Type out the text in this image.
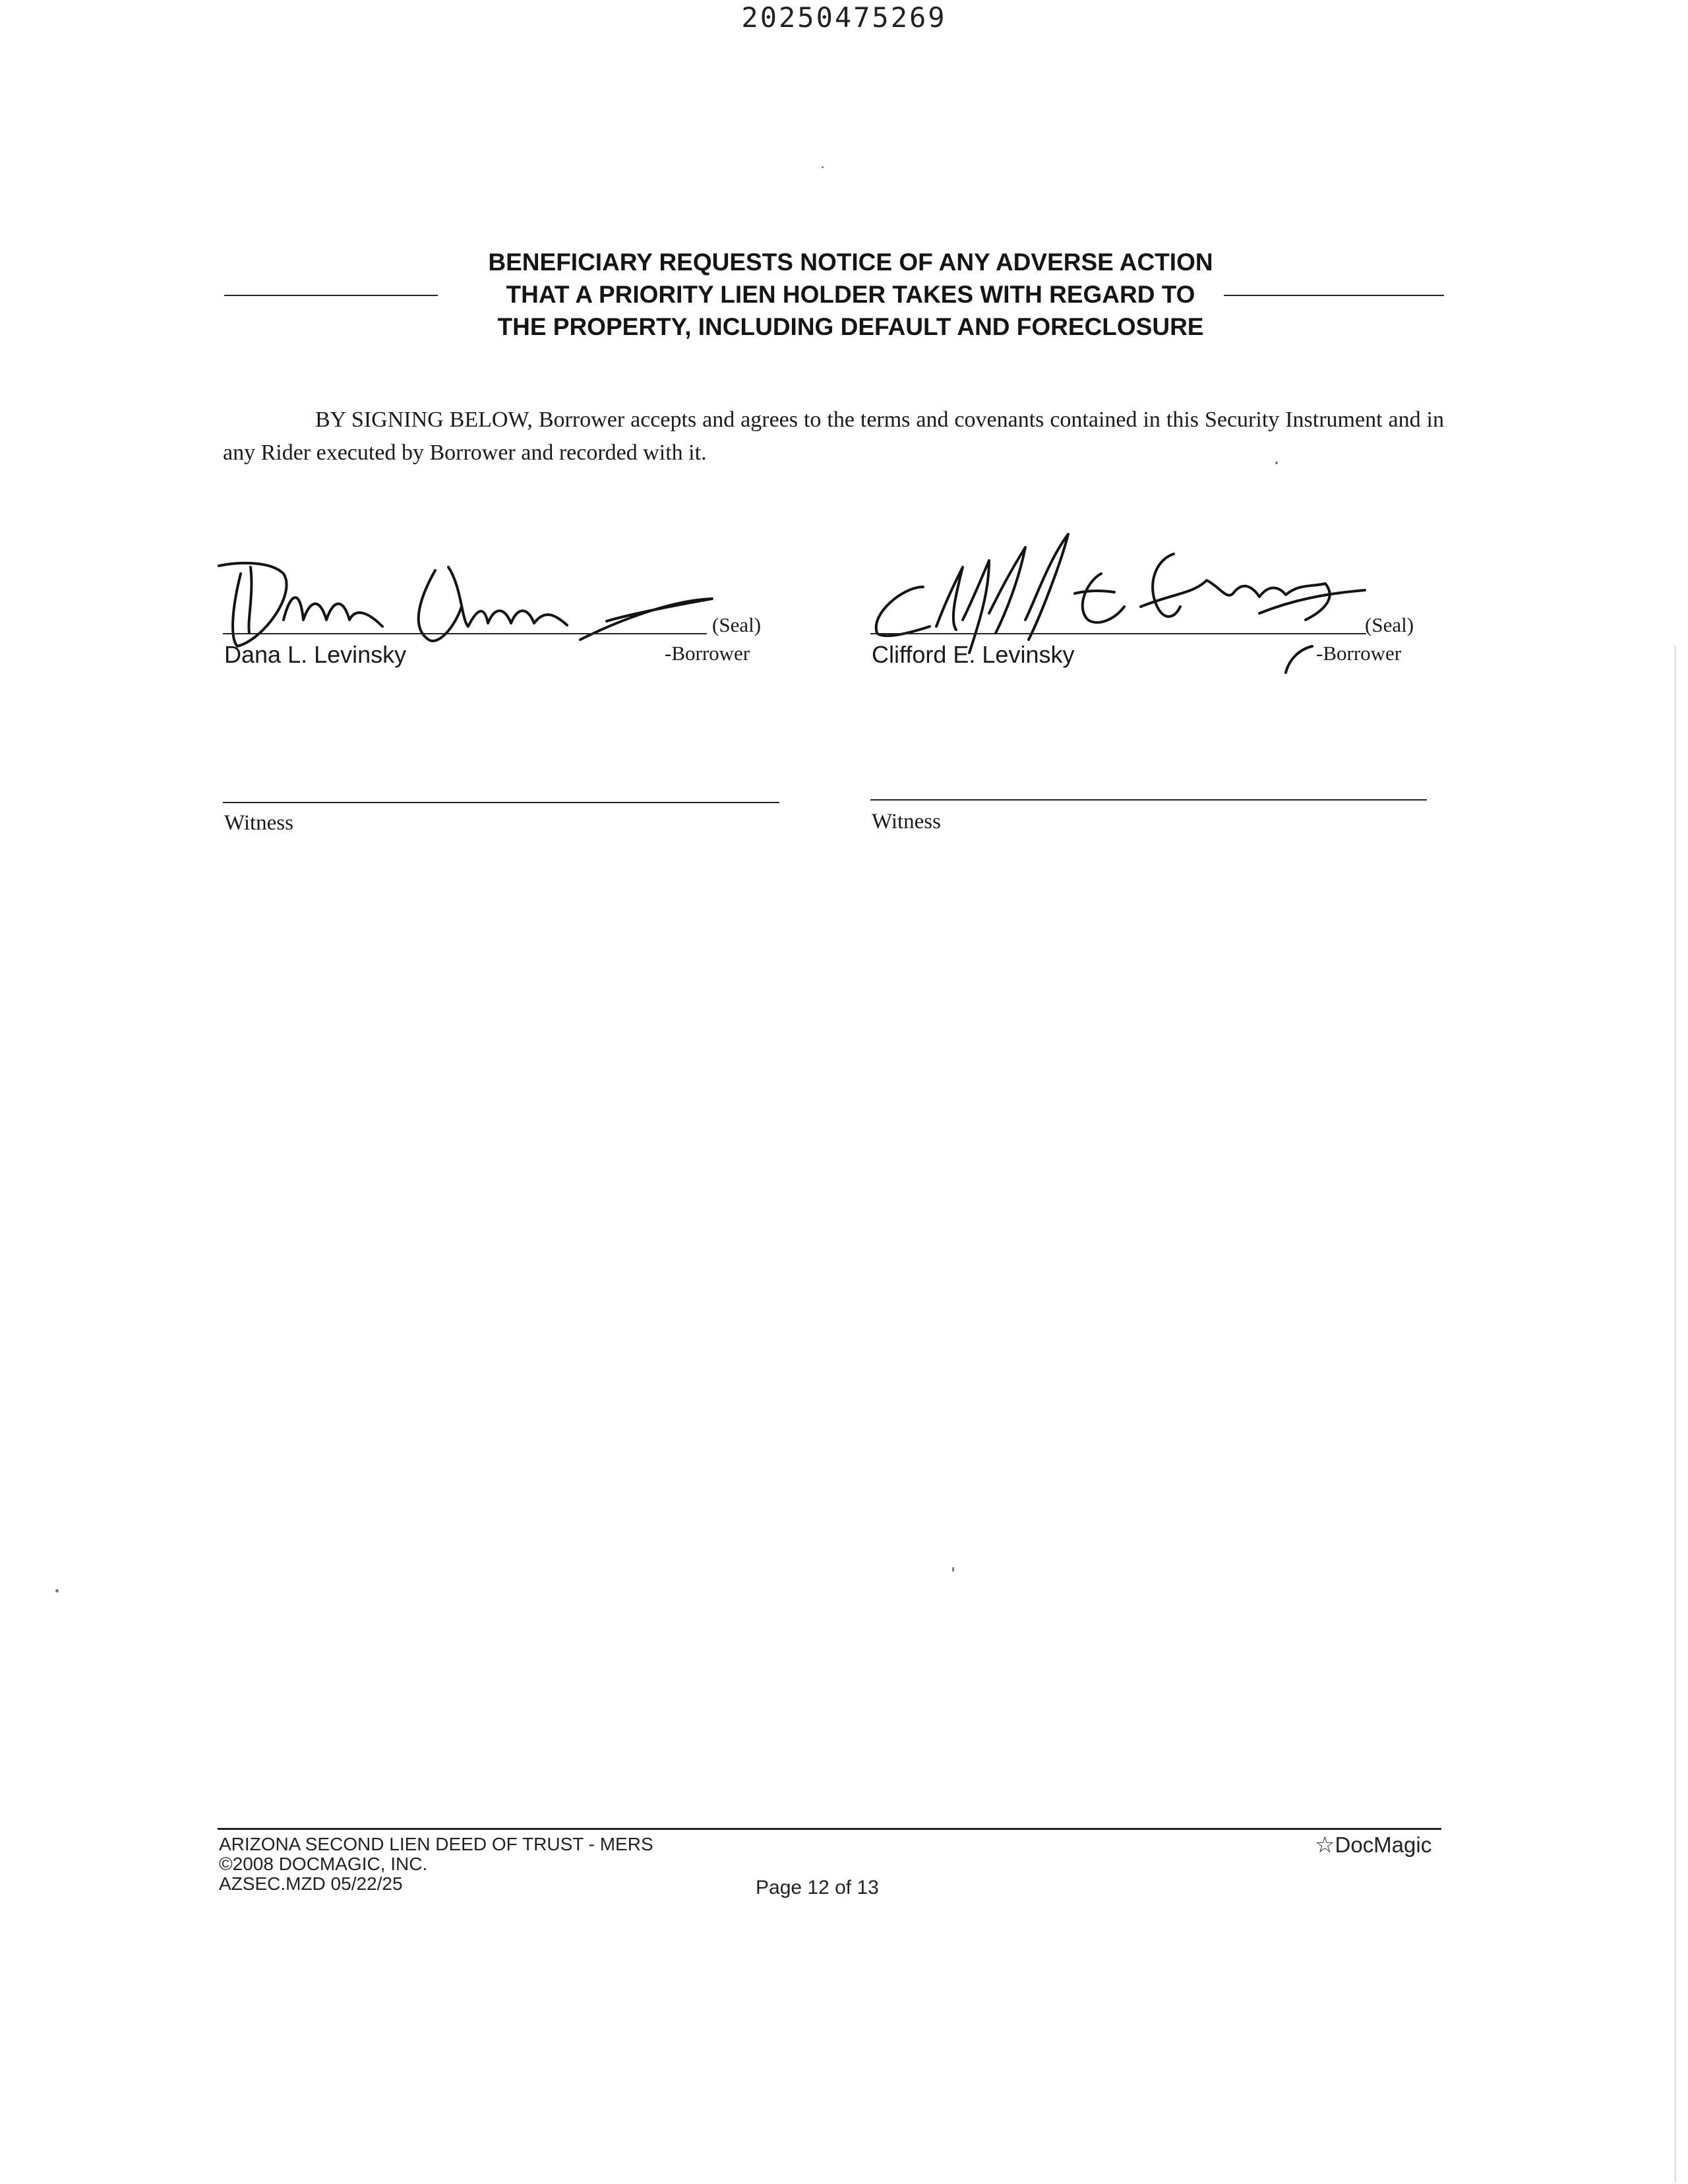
20250475269
BENEFICIARY REQUESTS NOTICE OF ANY ADVERSE ACTION
THAT A PRIORITY LIEN HOLDER TAKES WITH REGARD TO
THE PROPERTY, INCLUDING DEFAULT AND FORECLOSURE
BY SIGNING BELOW, Borrower accepts and agrees to the terms and covenants contained in this Security Instrument and in any Rider executed by Borrower and recorded with it.
(Seal)
Dana L. Levinsky	-Borrower
(Seal)
Clifford E. Levinsky	-Borrower
Witness	Witness
ARIZONA SECOND LIEN DEED OF TRUST - MERS
©2008 DOCMAGIC, INC.
AZSEC.MZD 05/22/25	Page 12 of 13
☆DocMagic
